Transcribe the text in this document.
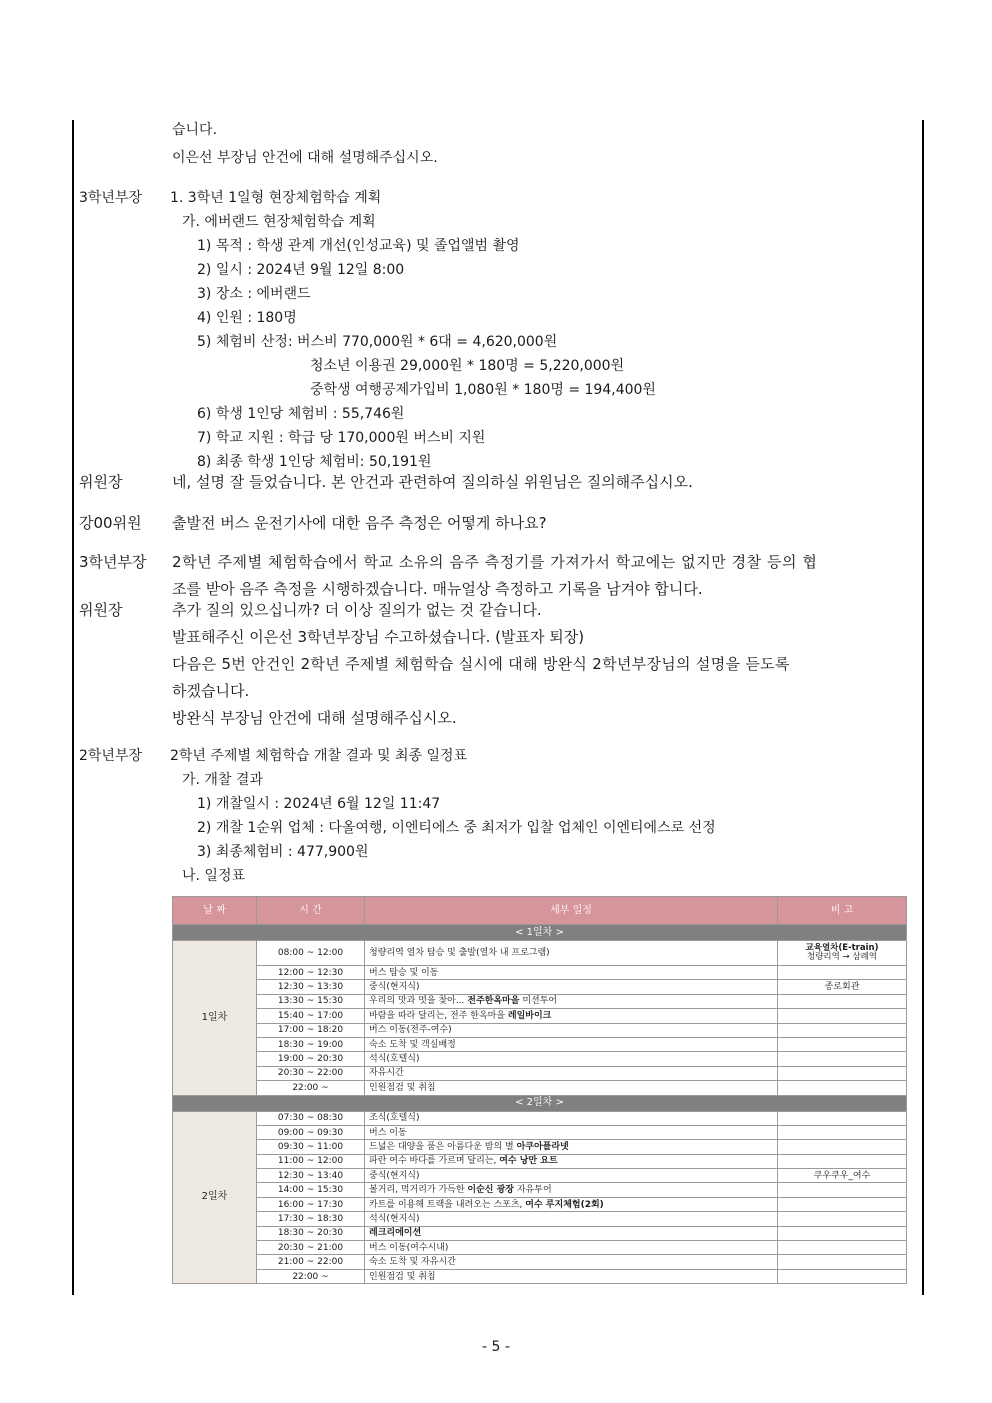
습니다.
이은선 부장님 안건에 대해 설명해주십시오.
3학년부장 1. 3학년 1일형 현장체험학습 계획
가. 에버랜드 현장체험학습 계획
1) 목적 : 학생 관계 개선(인성교육) 및 졸업앨범 촬영
2) 일시 : 2024년 9월 12일 8:00
3) 장소 : 에버랜드
4) 인원 : 180명
5) 체험비 산정: 버스비 770,000원 * 6대 = 4,620,000원
청소년 이용권 29,000원 * 180명 = 5,220,000원
중학생 여행공제가입비 1,080원 * 180명 = 194,400원
6) 학생 1인당 체험비 : 55,746원
7) 학교 지원 : 학급 당 170,000원 버스비 지원
8) 최종 학생 1인당 체험비: 50,191원
위원장	네, 설명 잘 들었습니다. 본 안건과 관련하여 질의하실 위원님은 질의해주십시오.
강00위원 출발전 버스 운전기사에 대한 음주 측정은 어떻게 하나요?
3학년부장 2학년 주제별 체험학습에서 학교 소유의 음주 측정기를 가져가서 학교에는 없지만 경찰 등의 협
조를 받아 음주 측정을 시행하겠습니다. 매뉴얼상 측정하고 기록을 남겨야 합니다.
위원장	추가 질의 있으십니까? 더 이상 질의가 없는 것 같습니다.
발표해주신 이은선 3학년부장님 수고하셨습니다. (발표자 퇴장)
다음은 5번 안건인 2학년 주제별 체험학습 실시에 대해 방완식 2학년부장님의 설명을 듣도록
하겠습니다.
방완식 부장님 안건에 대해 설명해주십시오.
2학년부장 2학년 주제별 체험학습 개찰 결과 및 최종 일정표
가. 개찰 결과
1) 개찰일시 : 2024년 6월 12일 11:47
2) 개찰 1순위 업체 : 다올여행, 이엔티에스 중 최저가 입찰 업체인 이엔티에스로 선정
3) 최종체험비 : 477,900원
나. 일정표
날 짜	시 간	세부 일정	비 고
< 1일차 >			
1일차	08:00 ~ 12:00	청량리역 열차 탑승 및 출발(열차 내 프로그램)	교육열차(E-train)
청량리역 → 삼례역

	12:00 ~ 12:30	버스 탑승 및 이동	
	12:30 ~ 13:30	중식(현지식)	종로회관
	13:30 ~ 15:30	우리의 맛과 멋을 찾아... 전주한옥마을 미션투어	
	15:40 ~ 17:00	바람을 따라 달리는, 전주 한옥마을 레일바이크	
	17:00 ~ 18:20	버스 이동(전주-여수)	
	18:30 ~ 19:00	숙소 도착 및 객실배정	
	19:00 ~ 20:30	석식(호텔식)	
	20:30 ~ 22:00	자유시간	
	22:00 ~	인원점검 및 취침	
< 2일차 >			
2일차	07:30 ~ 08:30	조식(호텔식)	
	09:00 ~ 09:30	버스 이동	
	09:30 ~ 11:00	드넓은 대양을 품은 아름다운 밤의 별 아쿠아플라넷	
	11:00 ~ 12:00	파란 여수 바다를 가르며 달리는, 여수 낭만 요트	
	12:30 ~ 13:40	중식(현지식)	쿠우쿠우_여수
	14:00 ~ 15:30	볼거리, 먹거리가 가득한 이순신 광장 자유투어	
	16:00 ~ 17:30	카트를 이용해 트랙을 내려오는 스포츠, 여수 루지체험(2회)	
	17:30 ~ 18:30	석식(현지식)	
	18:30 ~ 20:30	레크리에이션	
	20:30 ~ 21:00	버스 이동(여수시내)	
	21:00 ~ 22:00	숙소 도착 및 자유시간	
	22:00 ~	인원점검 및 취침	
- 5 -
